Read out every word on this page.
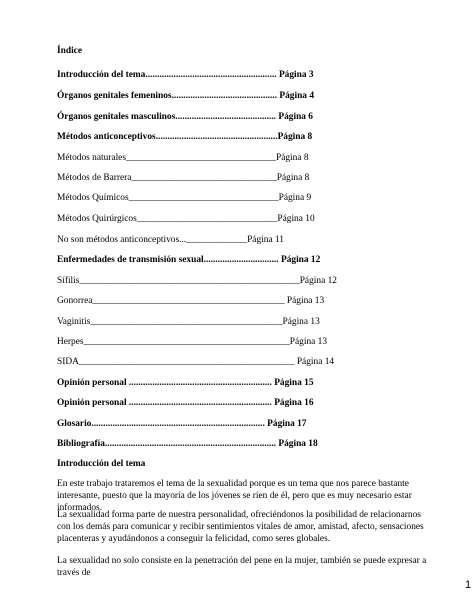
Índice
Introducción del tema........................................................ Página 3
Órganos genitales femeninos............................................. Página 4
Órganos genitales masculinos........................................... Página 6
Métodos anticonceptivos....................................................Página 8
Métodos naturales________________________________Página 8
Métodos de Barrera_______________________________Página 8
Métodos Químicos________________________________Página 9
Métodos Quirúrgicos______________________________Página 10
No son métodos anticonceptivos..._____________Página 11
Enfermedades de transmisión sexual................................ Página 12
Sífilis_______________________________________________Página 12
Gonorrea_________________________________________ Página 13
Vaginitis_________________________________________Página 13
Herpes____________________________________________Página 13
SIDA______________________________________________ Página 14
Opinión personal ............................................................. Página 15
Opinión personal ............................................................. Página 16
Glosario.......................................................................... Página 17
Bibliografía......................................................................... Página 18
Introducción del tema
En este trabajo trataremos el tema de la sexualidad porque es un tema que nos parece bastante interesante, puesto que la mayoría de los jóvenes se ríen de él, pero que es muy necesario estar informados.
La sexualidad forma parte de nuestra personalidad, ofreciéndonos la posibilidad de relacionarnos con los demás para comunicar y recibir sentimientos vitales de amor, amistad, afecto, sensaciones placenteras y ayudándonos a conseguir la felicidad, como seres globales.
La sexualidad no solo consiste en la penetración del pene en la mujer, también se puede expresar a través de
1
